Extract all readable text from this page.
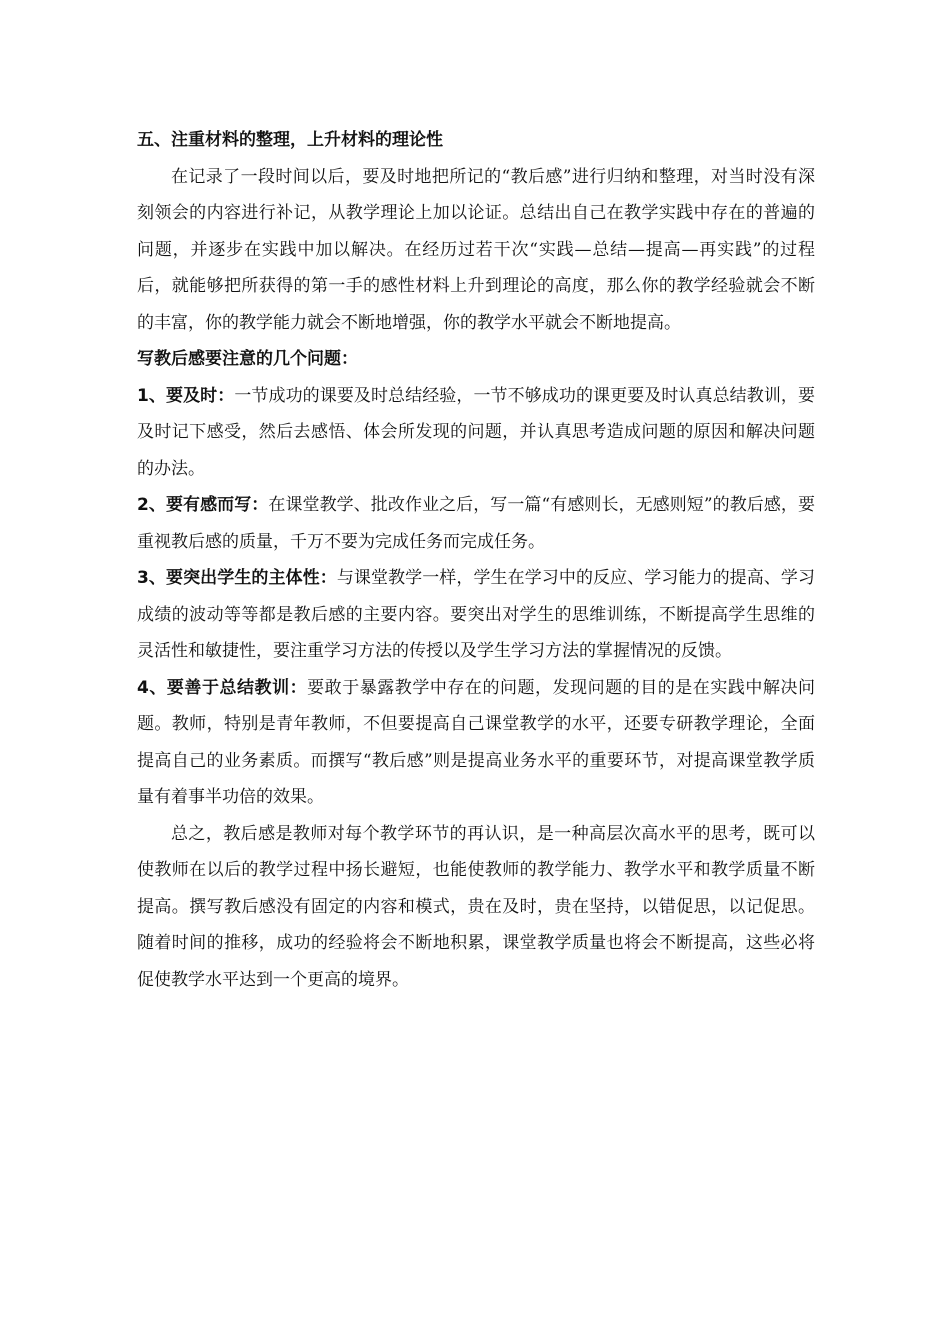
五、注重材料的整理，上升材料的理论性

在记录了一段时间以后，要及时地把所记的“教后感”进行归纳和整理，对当时没有深刻领会的内容进行补记，从教学理论上加以论证。总结出自己在教学实践中存在的普遍的问题，并逐步在实践中加以解决。在经历过若干次“实践—总结—提高—再实践”的过程后，就能够把所获得的第一手的感性材料上升到理论的高度，那么你的教学经验就会不断的丰富，你的教学能力就会不断地增强，你的教学水平就会不断地提高。

写教后感要注意的几个问题：

1、要及时：一节成功的课要及时总结经验，一节不够成功的课更要及时认真总结教训，要及时记下感受，然后去感悟、体会所发现的问题，并认真思考造成问题的原因和解决问题的办法。

2、要有感而写：在课堂教学、批改作业之后，写一篇“有感则长，无感则短”的教后感，要重视教后感的质量，千万不要为完成任务而完成任务。

3、要突出学生的主体性：与课堂教学一样，学生在学习中的反应、学习能力的提高、学习成绩的波动等等都是教后感的主要内容。要突出对学生的思维训练，不断提高学生思维的灵活性和敏捷性，要注重学习方法的传授以及学生学习方法的掌握情况的反馈。

4、要善于总结教训：要敢于暴露教学中存在的问题，发现问题的目的是在实践中解决问题。教师，特别是青年教师，不但要提高自己课堂教学的水平，还要专研教学理论，全面提高自己的业务素质。而撰写“教后感”则是提高业务水平的重要环节，对提高课堂教学质量有着事半功倍的效果。

总之，教后感是教师对每个教学环节的再认识，是一种高层次高水平的思考，既可以使教师在以后的教学过程中扬长避短，也能使教师的教学能力、教学水平和教学质量不断提高。撰写教后感没有固定的内容和模式，贵在及时，贵在坚持，以错促思，以记促思。随着时间的推移，成功的经验将会不断地积累，课堂教学质量也将会不断提高，这些必将促使教学水平达到一个更高的境界。
